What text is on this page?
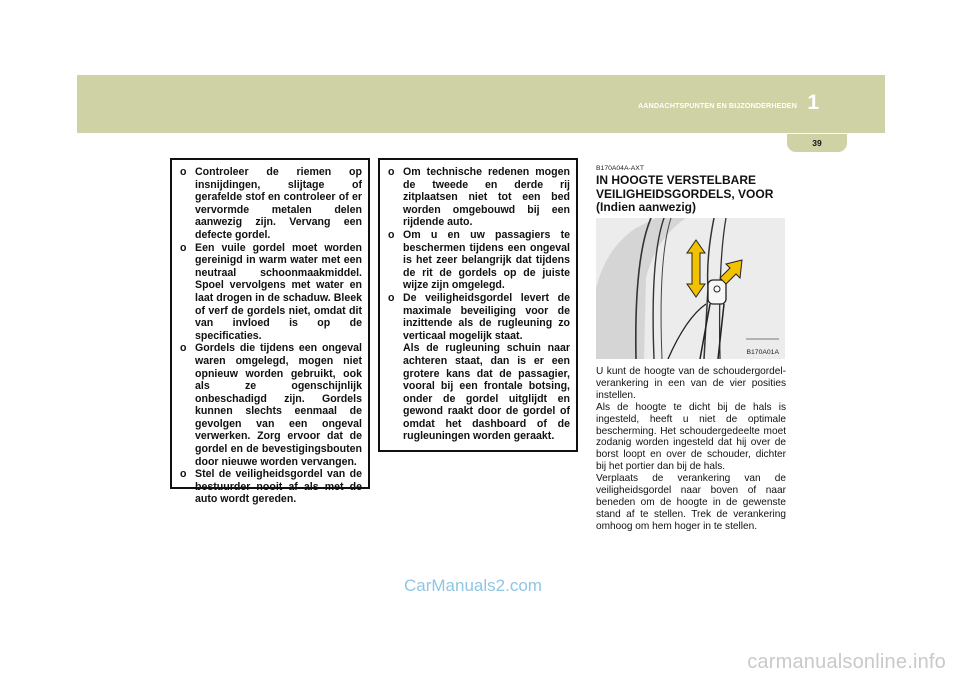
AANDACHTSPUNTEN EN BIJZONDERHEDEN 1
39
o Controleer de riemen op insnijdingen, slijtage of gerafelde stof en controleer of er vervormde metalen delen aanwezig zijn. Vervang een defecte gordel.
o Een vuile gordel moet worden gereinigd in warm water met een neutraal schoonmaakmiddel. Spoel vervolgens met water en laat drogen in de schaduw. Bleek of verf de gordels niet, omdat dit van invloed is op de specificaties.
o Gordels die tijdens een ongeval waren omgelegd, mogen niet opnieuw worden gebruikt, ook als ze ogenschijnlijk onbeschadigd zijn. Gordels kunnen slechts eenmaal de gevolgen van een ongeval verwerken. Zorg ervoor dat de gordel en de bevestigingsbouten door nieuwe worden vervangen.
o Stel de veiligheidsgordel van de bestuurder nooit af als met de auto wordt gereden.
o Om technische redenen mogen de tweede en derde rij zitplaatsen niet tot een bed worden omgebouwd bij een rijdende auto.
o Om u en uw passagiers te beschermen tijdens een ongeval is het zeer belangrijk dat tijdens de rit de gordels op de juiste wijze zijn omgelegd.
o De veiligheidsgordel levert de maximale beveiliging voor de inzittende als de rugleuning zo verticaal mogelijk staat.
Als de rugleuning schuin naar achteren staat, dan is er een grotere kans dat de passagier, vooral bij een frontale botsing, onder de gordel uitglijdt en gewond raakt door de gordel of omdat het dashboard of de rugleuningen worden geraakt.
B170A04A-AXT
IN HOOGTE VERSTELBARE VEILIGHEIDSGORDELS, VOOR (Indien aanwezig)
B170A01A

U kunt de hoogte van de schoudergordel-verankering in een van de vier posities instellen.
Als de hoogte te dicht bij de hals is ingesteld, heeft u niet de optimale bescherming. Het schoudergedeelte moet zodanig worden ingesteld dat hij over de borst loopt en over de schouder, dichter bij het portier dan bij de hals.
Verplaats de verankering van de veiligheidsgordel naar boven of naar beneden om de hoogte in de gewenste stand af te stellen. Trek de verankering omhoog om hem hoger in te stellen.

CarManuals2.com
carmanualsonline.info
